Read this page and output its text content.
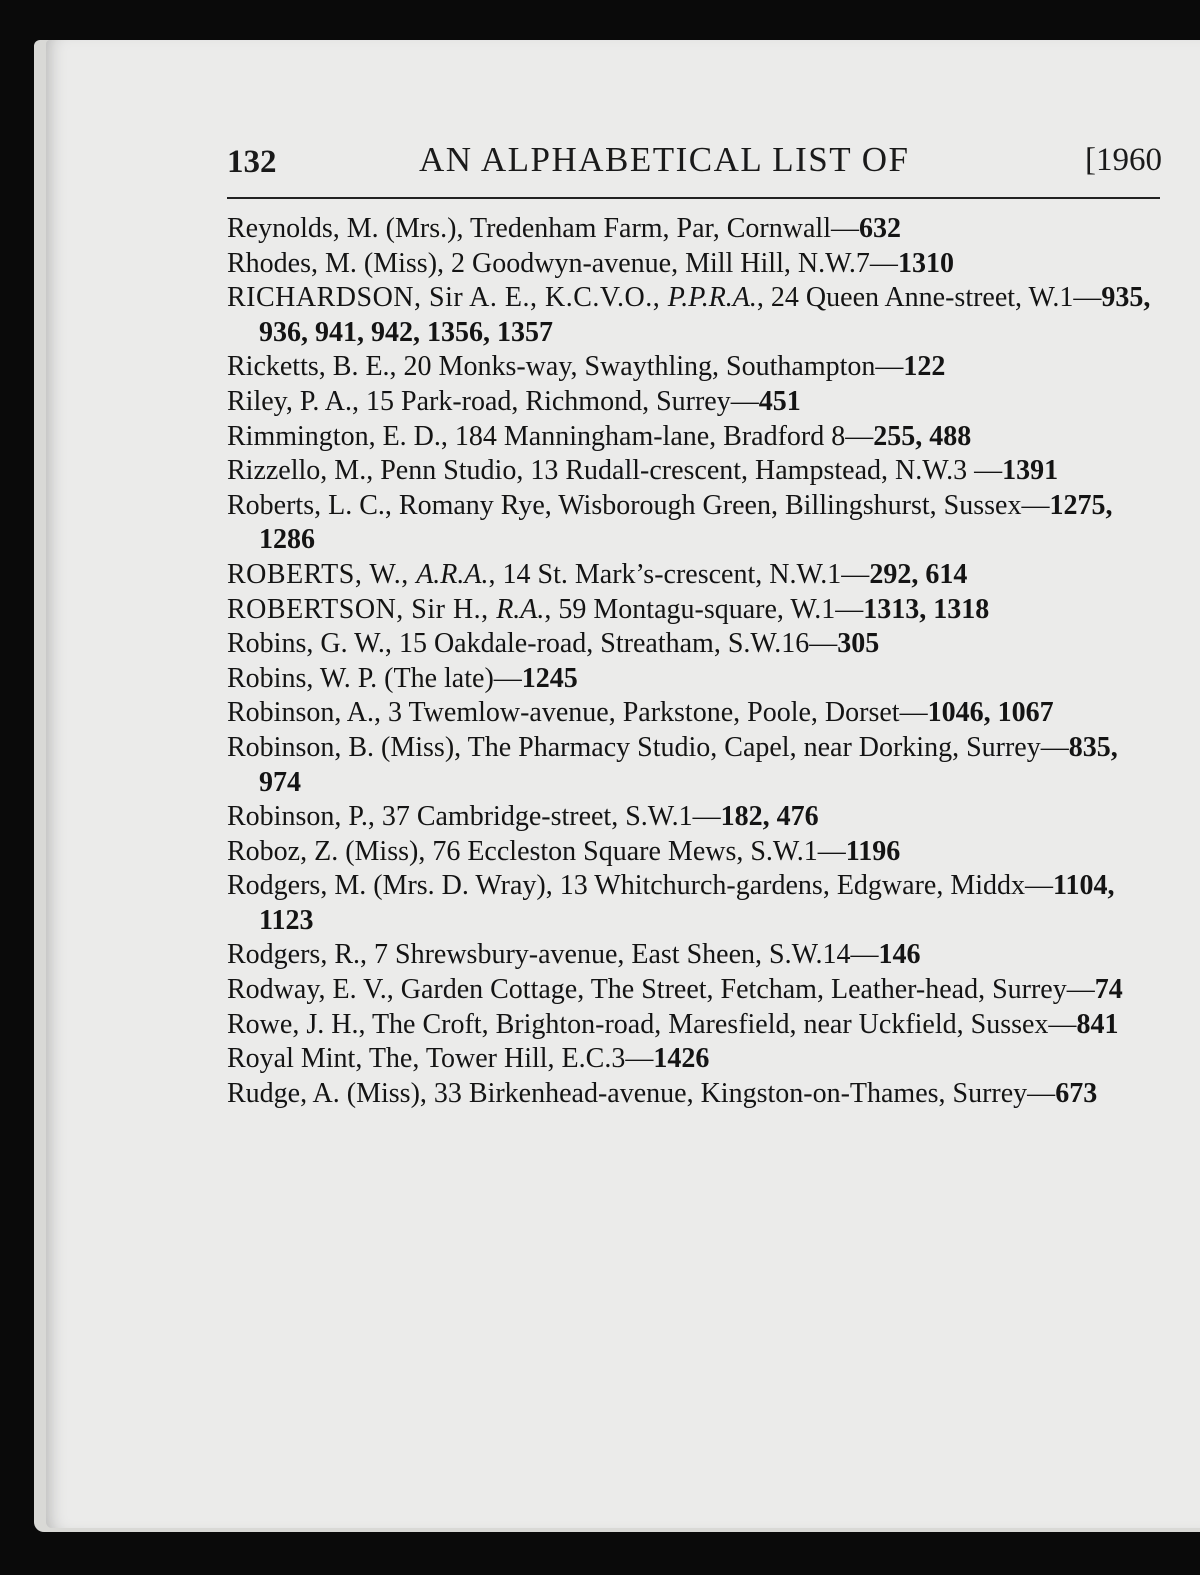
132	AN ALPHABETICAL LIST OF	[1960
Reynolds, M. (Mrs.), Tredenham Farm, Par, Cornwall—632
Rhodes, M. (Miss), 2 Goodwyn-avenue, Mill Hill, N.W.7—1310
RICHARDSON, Sir A. E., K.C.V.O., P.P.R.A., 24 Queen Anne-street, W.1—935, 936, 941, 942, 1356, 1357
Ricketts, B. E., 20 Monks-way, Swaythling, Southampton—122
Riley, P. A., 15 Park-road, Richmond, Surrey—451
Rimmington, E. D., 184 Manningham-lane, Bradford 8—255, 488
Rizzello, M., Penn Studio, 13 Rudall-crescent, Hampstead, N.W.3 —1391
Roberts, L. C., Romany Rye, Wisborough Green, Billingshurst, Sussex—1275, 1286
ROBERTS, W., A.R.A., 14 St. Mark’s-crescent, N.W.1—292, 614
ROBERTSON, Sir H., R.A., 59 Montagu-square, W.1—1313, 1318
Robins, G. W., 15 Oakdale-road, Streatham, S.W.16—305
Robins, W. P. (The late)—1245
Robinson, A., 3 Twemlow-avenue, Parkstone, Poole, Dorset—1046, 1067
Robinson, B. (Miss), The Pharmacy Studio, Capel, near Dorking, Surrey—835, 974
Robinson, P., 37 Cambridge-street, S.W.1—182, 476
Roboz, Z. (Miss), 76 Eccleston Square Mews, S.W.1—1196
Rodgers, M. (Mrs. D. Wray), 13 Whitchurch-gardens, Edgware, Middx—1104, 1123
Rodgers, R., 7 Shrewsbury-avenue, East Sheen, S.W.14—146
Rodway, E. V., Garden Cottage, The Street, Fetcham, Leather-head, Surrey—74
Rowe, J. H., The Croft, Brighton-road, Maresfield, near Uckfield, Sussex—841
Royal Mint, The, Tower Hill, E.C.3—1426
Rudge, A. (Miss), 33 Birkenhead-avenue, Kingston-on-Thames, Surrey—673
